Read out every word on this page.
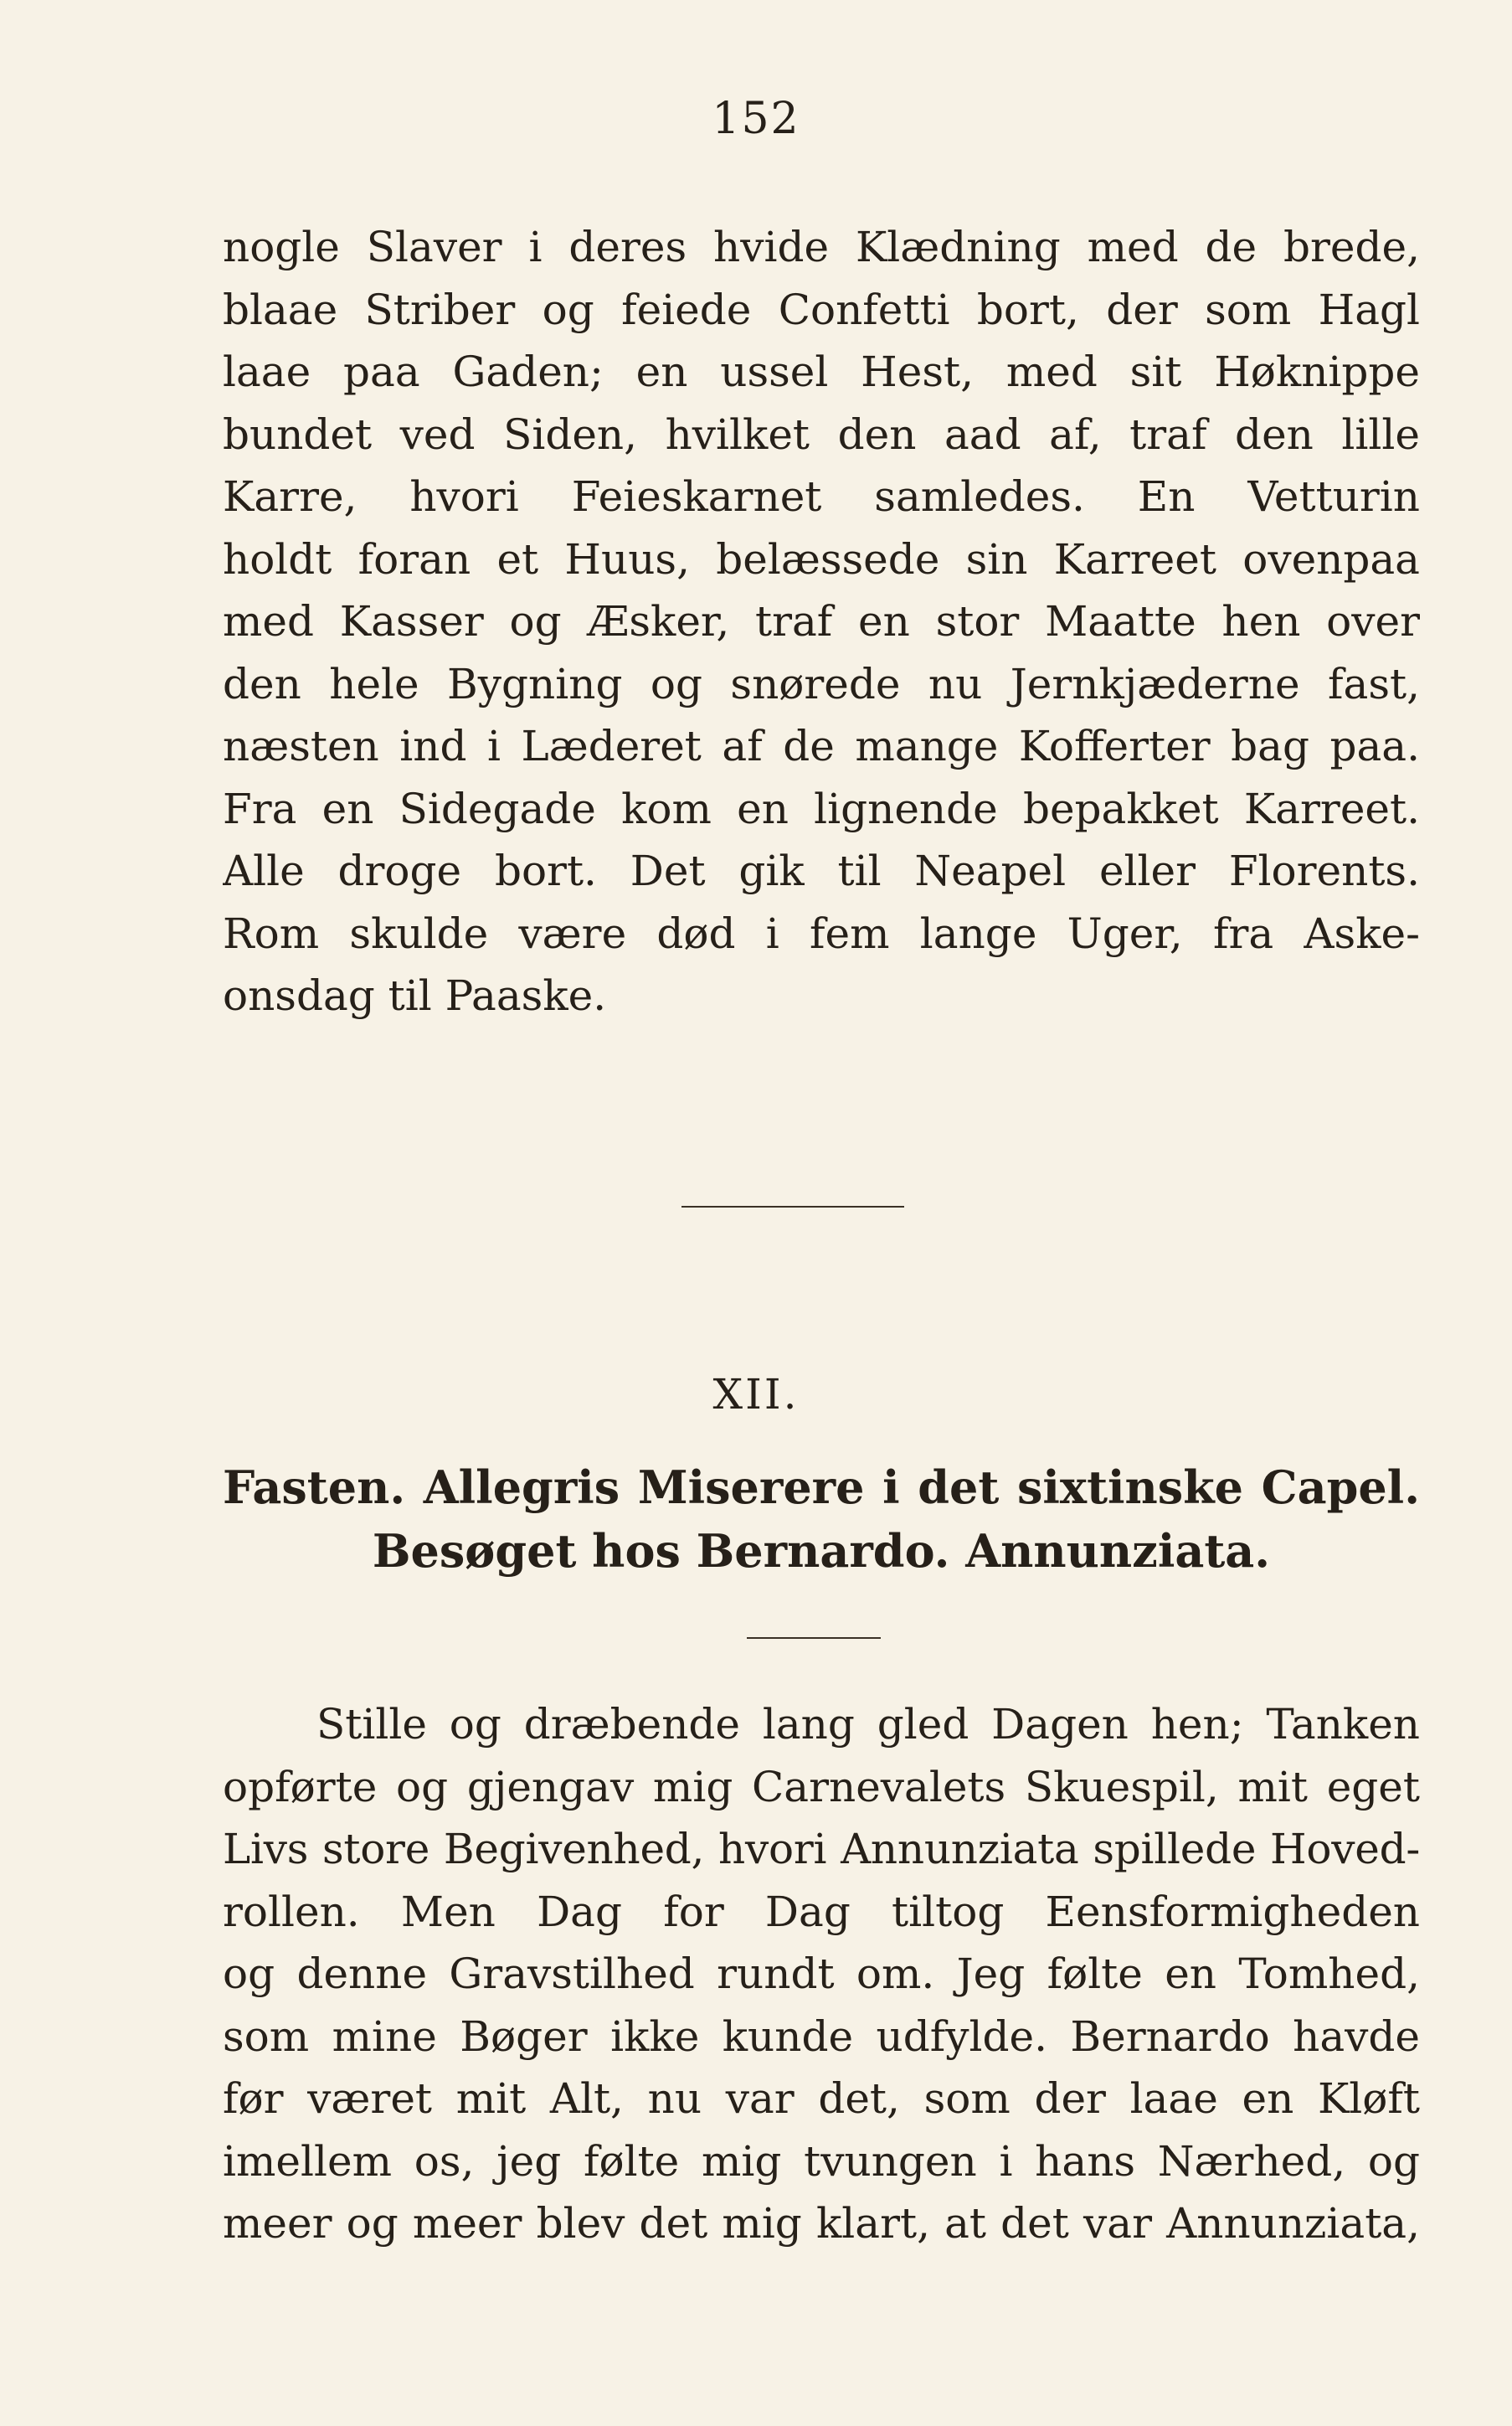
152
nogle Slaver i deres hvide Klædning med de brede,
blaae Striber og feiede Confetti bort, der som Hagl
laae paa Gaden; en ussel Hest, med sit Høknippe
bundet ved Siden, hvilket den aad af, traf den lille
Karre, hvori Feieskarnet samledes. En Vetturin
holdt foran et Huus, belæssede sin Karreet ovenpaa
med Kasser og Æsker, traf en stor Maatte hen over
den hele Bygning og snørede nu Jernkjæderne fast,
næsten ind i Læderet af de mange Kofferter bag paa.
Fra en Sidegade kom en lignende bepakket Karreet.
Alle droge bort. Det gik til Neapel eller Florents.
Rom skulde være død i fem lange Uger, fra Aske-
onsdag til Paaske.
XII.
Fasten. Allegris Miserere i det sixtinske Capel.
Besøget hos Bernardo. Annunziata.
Stille og dræbende lang gled Dagen hen; Tanken
opførte og gjengav mig Carnevalets Skuespil, mit eget
Livs store Begivenhed, hvori Annunziata spillede Hoved-
rollen. Men Dag for Dag tiltog Eensformigheden
og denne Gravstilhed rundt om. Jeg følte en Tomhed,
som mine Bøger ikke kunde udfylde. Bernardo havde
før været mit Alt, nu var det, som der laae en Kløft
imellem os, jeg følte mig tvungen i hans Nærhed, og
meer og meer blev det mig klart, at det var Annunziata,
